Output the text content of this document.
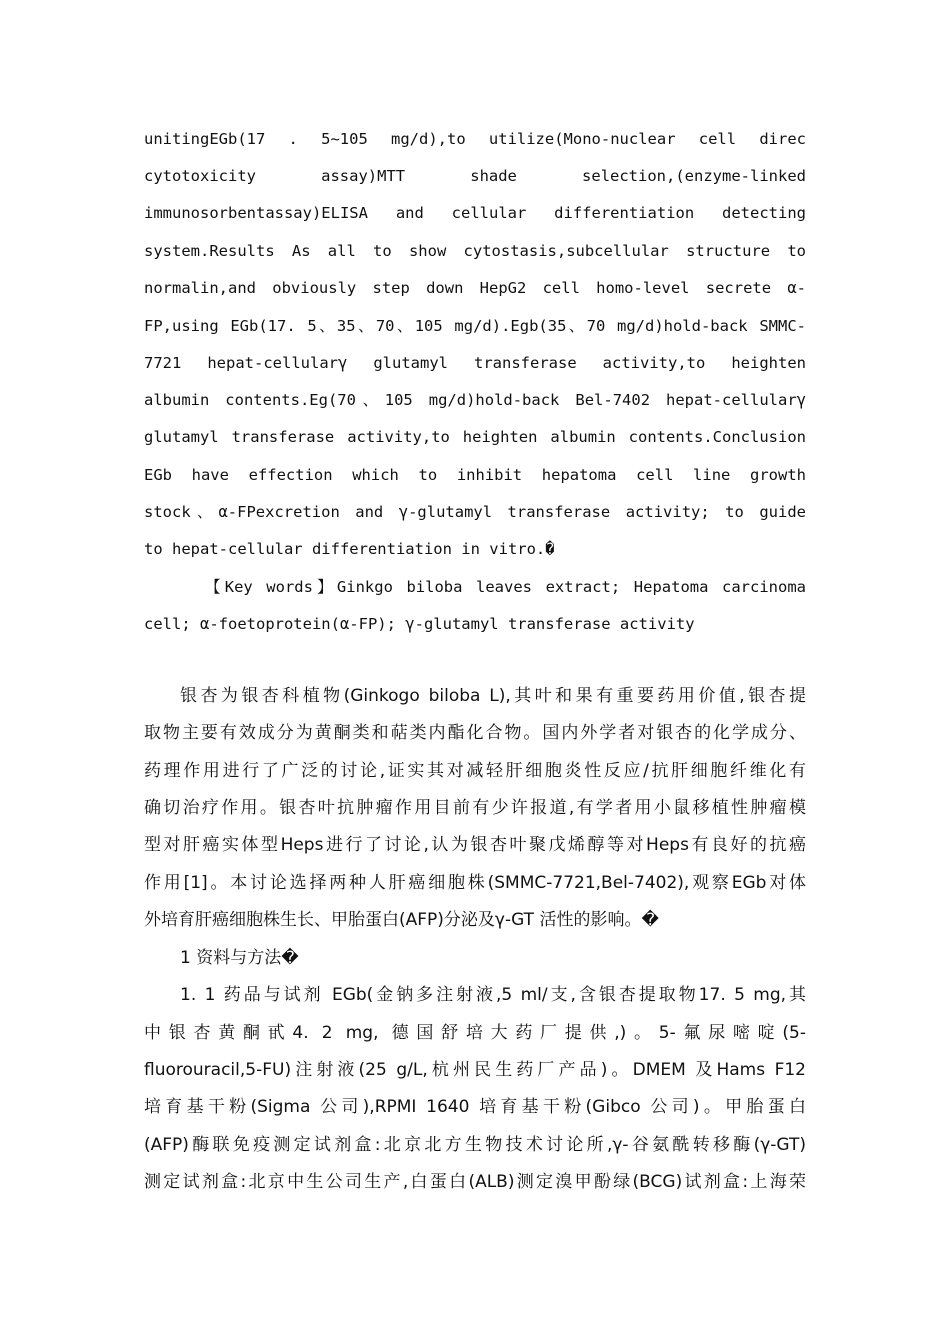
unitingEGb(17 . 5~105 mg/d),to utilize(Mono-nuclear cell direc
cytotoxicity assay)MTT shade selection,(enzyme-linked
immunosorbentassay)ELISA and cellular differentiation detecting
system.Results As all to show cytostasis,subcellular structure to
normalin,and obviously step down HepG2 cell homo-level secrete α-
FP,using EGb(17. 5、35、70、105 mg/d).Egb(35、70 mg/d)hold-back SMMC-
7721 hepat-cellularγ glutamyl transferase activity,to heighten
albumin contents.Eg(70、105 mg/d)hold-back Bel-7402 hepat-cellularγ
glutamyl transferase activity,to heighten albumin contents.Conclusion
EGb have effection which to inhibit hepatoma cell line growth
stock、α-FPexcretion and γ-glutamyl transferase activity; to guide
to hepat-cellular differentiation in vitro.�
【Key words】Ginkgo biloba leaves extract; Hepatoma carcinoma
cell; α-foetoprotein(α-FP); γ-glutamyl transferase activity
银杏为银杏科植物(Ginkogo biloba L),其叶和果有重要药用价值,银杏提
取物主要有效成分为黄酮类和萜类内酯化合物。国内外学者对银杏的化学成分、
药理作用进行了广泛的讨论,证实其对减轻肝细胞炎性反应/抗肝细胞纤维化有
确切治疗作用。银杏叶抗肿瘤作用目前有少许报道,有学者用小鼠移植性肿瘤模
型对肝癌实体型Heps进行了讨论,认为银杏叶聚戊烯醇等对Heps有良好的抗癌
作用[1]。本讨论选择两种人肝癌细胞株(SMMC-7721,Bel-7402),观察EGb对体
外培育肝癌细胞株生长、甲胎蛋白(AFP)分泌及γ-GT 活性的影响。�
1 资料与方法�
1. 1 药品与试剂 EGb(金钠多注射液,5 ml/支,含银杏提取物17. 5 mg,其
中银杏黄酮甙4. 2 mg, 德国舒培大药厂提供,)。5-氟尿嘧啶(5-
fluorouracil,5-FU)注射液(25 g/L,杭州民生药厂产品)。DMEM 及Hams F12
培育基干粉(Sigma 公司),RPMI 1640 培育基干粉(Gibco 公司)。甲胎蛋白
(AFP)酶联免疫测定试剂盒:北京北方生物技术讨论所,γ-谷氨酰转移酶(γ-GT)
测定试剂盒:北京中生公司生产,白蛋白(ALB)测定溴甲酚绿(BCG)试剂盒:上海荣
